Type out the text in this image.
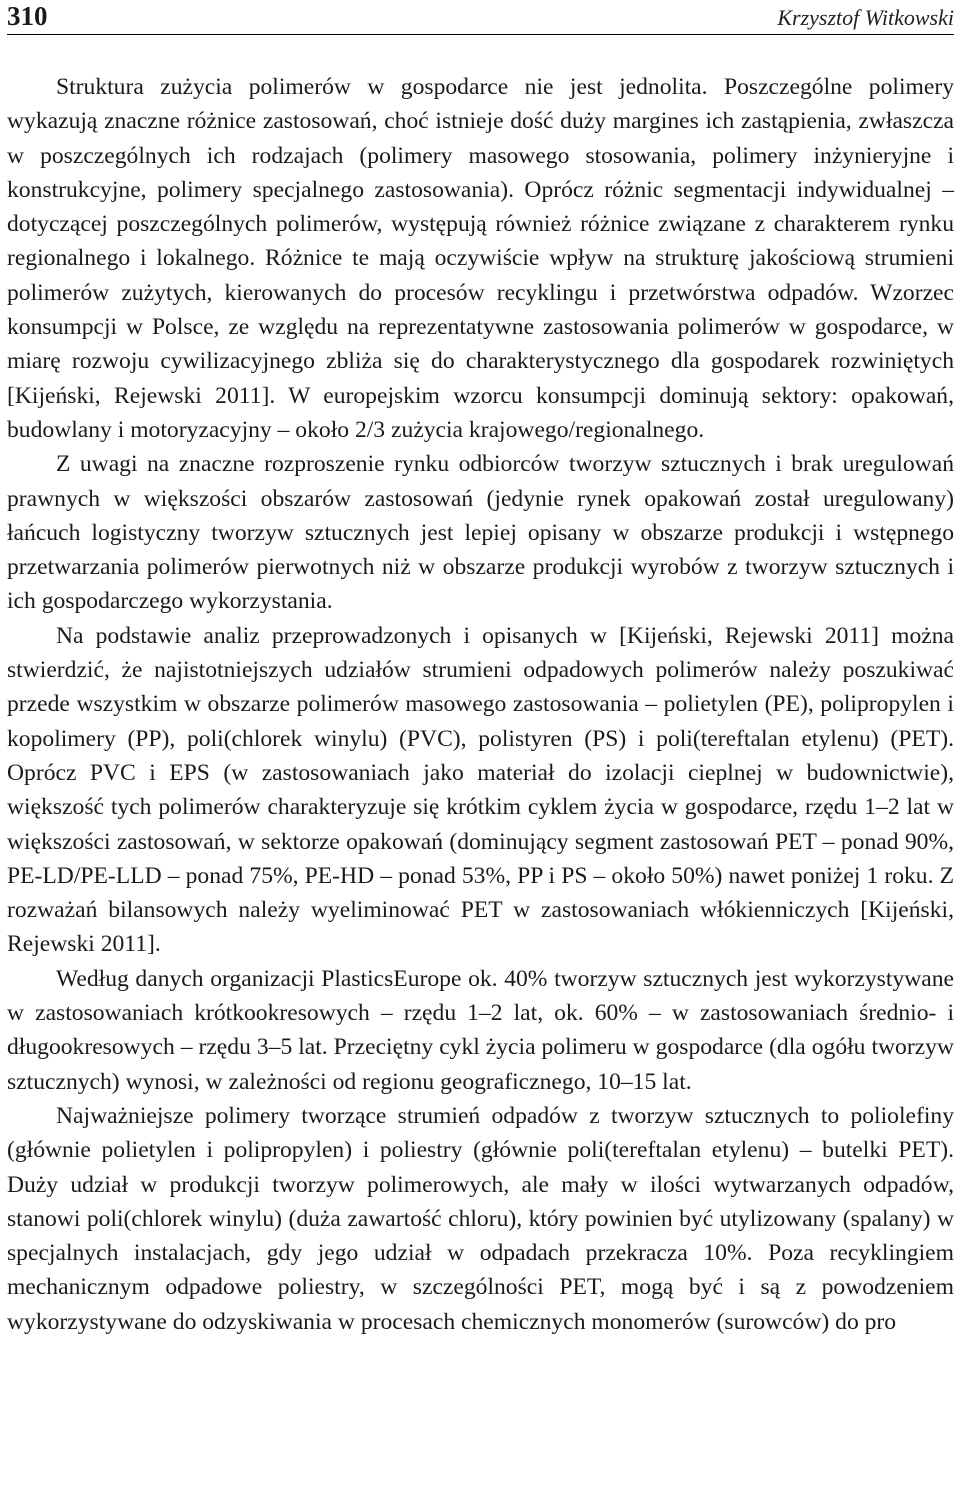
310	Krzysztof Witkowski

Struktura zużycia polimerów w gospodarce nie jest jednolita. Poszczególne polimery wykazują znaczne różnice zastosowań, choć istnieje dość duży margines ich zastąpienia, zwłaszcza w poszczególnych ich rodzajach (polimery masowego stosowania, polimery inżynieryjne i konstrukcyjne, polimery specjalnego zastosowania). Oprócz różnic segmentacji indywidualnej – dotyczącej poszczególnych polimerów, występują również różnice związane z charakterem rynku regionalnego i lokalnego. Różnice te mają oczywiście wpływ na strukturę jakościową strumieni polimerów zużytych, kierowanych do procesów recyklingu i przetwórstwa odpadów. Wzorzec konsumpcji w Polsce, ze względu na reprezentatywne zastosowania polimerów w gospodarce, w miarę rozwoju cywilizacyjnego zbliża się do charakterystycznego dla gospodarek rozwiniętych [Kijeński, Rejewski 2011]. W europejskim wzorcu konsumpcji dominują sektory: opakowań, budowlany i motoryzacyjny – około 2/3 zużycia krajowego/regionalnego.

Z uwagi na znaczne rozproszenie rynku odbiorców tworzyw sztucznych i brak uregulowań prawnych w większości obszarów zastosowań (jedynie rynek opakowań został uregulowany) łańcuch logistyczny tworzyw sztucznych jest lepiej opisany w obszarze produkcji i wstępnego przetwarzania polimerów pierwotnych niż w obszarze produkcji wyrobów z tworzyw sztucznych i ich gospodarczego wykorzystania.

Na podstawie analiz przeprowadzonych i opisanych w [Kijeński, Rejewski 2011] można stwierdzić, że najistotniejszych udziałów strumieni odpadowych polimerów należy poszukiwać przede wszystkim w obszarze polimerów masowego zastosowania – polietylen (PE), polipropylen i kopolimery (PP), poli(chlorek winylu) (PVC), polistyren (PS) i poli(tereftalan etylenu) (PET). Oprócz PVC i EPS (w zastosowaniach jako materiał do izolacji cieplnej w budownictwie), większość tych polimerów charakteryzuje się krótkim cyklem życia w gospodarce, rzędu 1–2 lat w większości zastosowań, w sektorze opakowań (dominujący segment zastosowań PET – ponad 90%, PE-LD/PE-LLD – ponad 75%, PE-HD – ponad 53%, PP i PS – około 50%) nawet poniżej 1 roku. Z rozważań bilansowych należy wyeliminować PET w zastosowaniach włókienniczych [Kijeński, Rejewski 2011].

Według danych organizacji PlasticsEurope ok. 40% tworzyw sztucznych jest wykorzystywane w zastosowaniach krótkookresowych – rzędu 1–2 lat, ok. 60% – w zastosowaniach średnio- i długookresowych – rzędu 3–5 lat. Przeciętny cykl życia polimeru w gospodarce (dla ogółu tworzyw sztucznych) wynosi, w zależności od regionu geograficznego, 10–15 lat.

Najważniejsze polimery tworzące strumień odpadów z tworzyw sztucznych to poliolefiny (głównie polietylen i polipropylen) i poliestry (głównie poli(tereftalan etylenu) – butelki PET). Duży udział w produkcji tworzyw polimerowych, ale mały w ilości wytwarzanych odpadów, stanowi poli(chlorek winylu) (duża zawartość chloru), który powinien być utylizowany (spalany) w specjalnych instalacjach, gdy jego udział w odpadach przekracza 10%. Poza recyklingiem mechanicznym odpadowe poliestry, w szczególności PET, mogą być i są z powodzeniem wykorzystywane do odzyskiwania w procesach chemicznych monomerów (surowców) do pro
